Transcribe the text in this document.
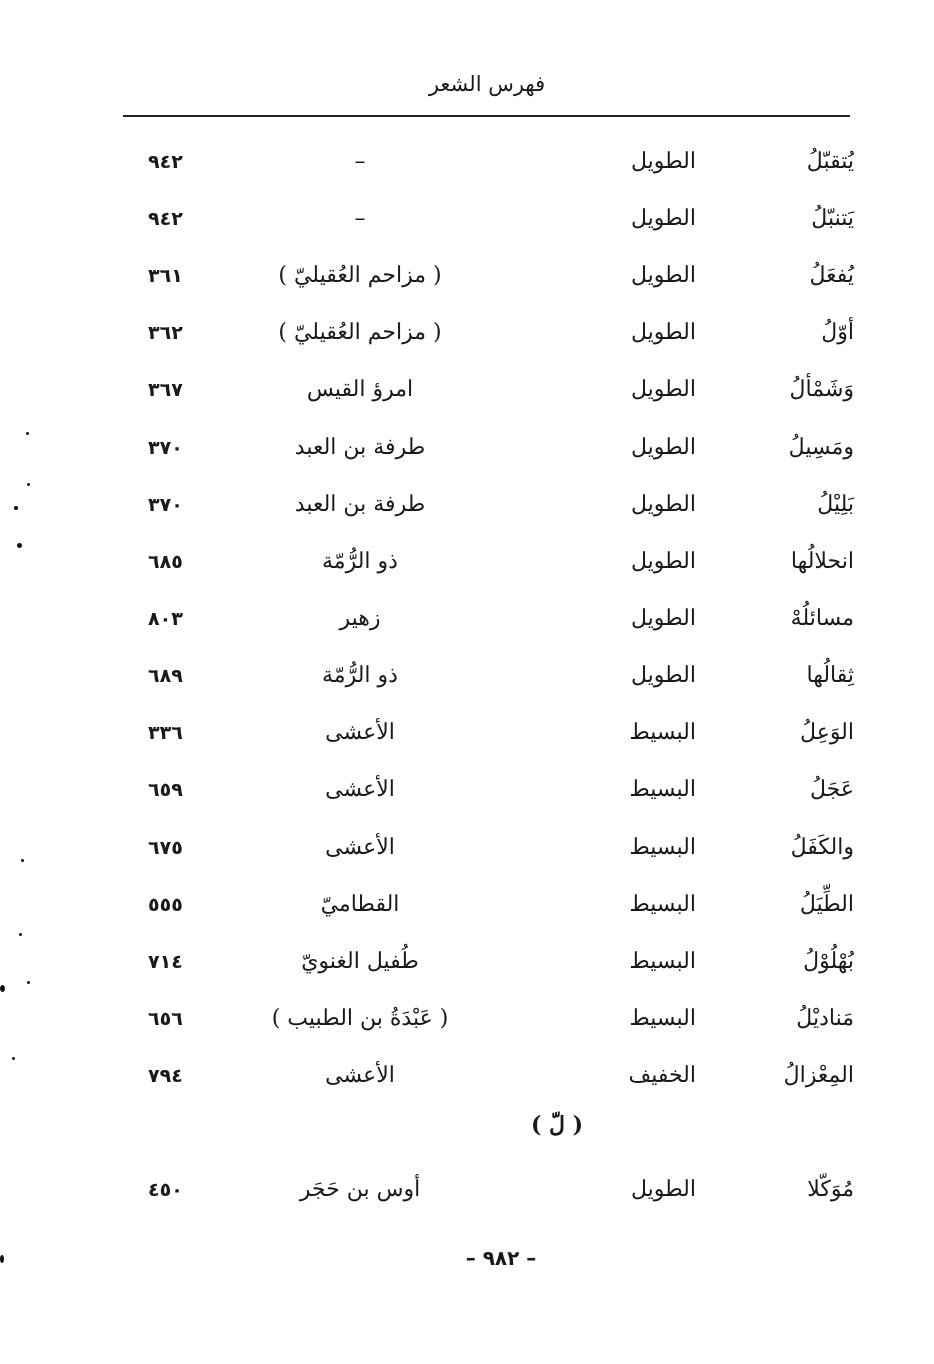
فهرس الشعر
يُتقبّلُ
الطويل
–
٩٤٢
يَتنبّلُ
الطويل
–
٩٤٢
يُفعَلُ
الطويل
( مزاحم العُقيليّ )
٣٦١
أوّلُ
الطويل
( مزاحم العُقيليّ )
٣٦٢
وَشَمْألُ
الطويل
امرؤ القيس
٣٦٧
ومَسِيلُ
الطويل
طرفة بن العبد
٣٧٠
بَلِيْلُ
الطويل
طرفة بن العبد
٣٧٠
انحلالُها
الطويل
ذو الرُّمّة
٦٨٥
مسائلُهْ
الطويل
زهير
٨٠٣
ثِقالُها
الطويل
ذو الرُّمّة
٦٨٩
الوَعِلُ
البسيط
الأعشى
٣٣٦
عَجَلُ
البسيط
الأعشى
٦٥٩
والكَفَلُ
البسيط
الأعشى
٦٧٥
الطِّيَلُ
البسيط
القطاميّ
٥٥٥
بُهْلُوْلُ
البسيط
طُفيل الغنويّ
٧١٤
مَناديْلُ
البسيط
( عَبْدَةُ بن الطبيب )
٦٥٦
المِعْزالُ
الخفيف
الأعشى
٧٩٤
( لّ )
مُوَكّلا
الطويل
أوس بن حَجَر
٤٥٠
– ٩٨٢ –
